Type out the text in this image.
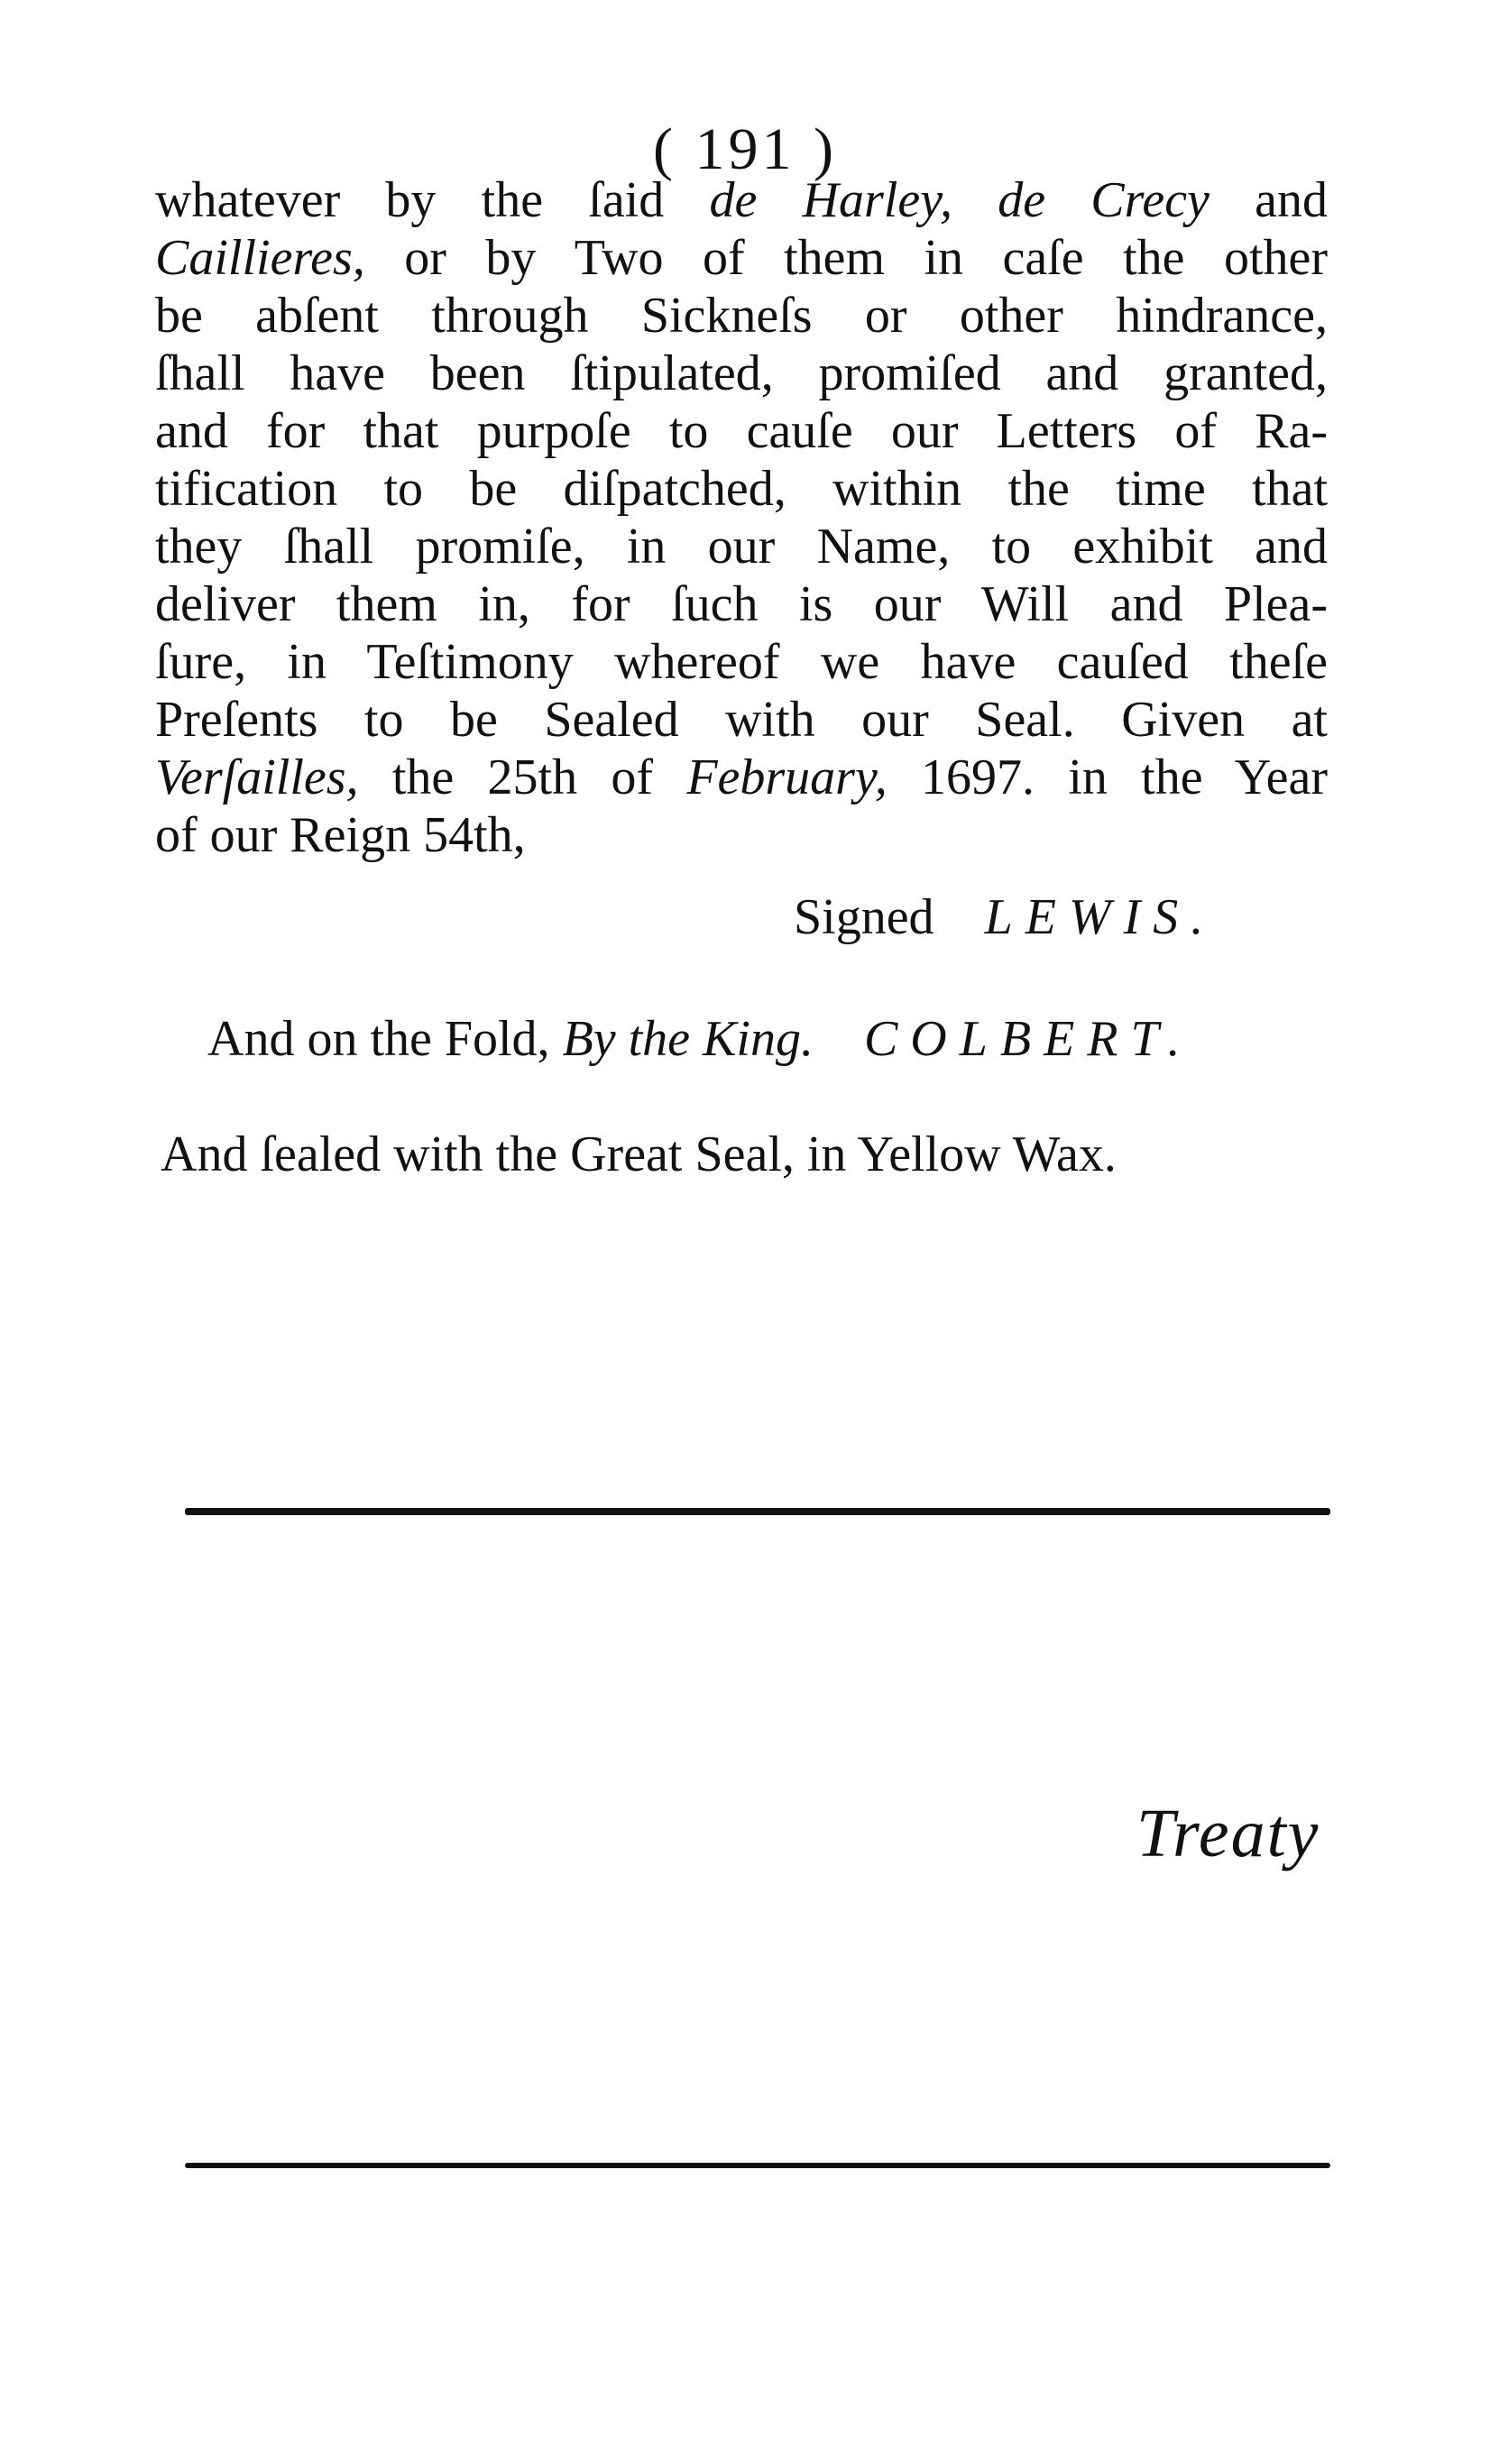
( 191 )
whatever by the ſaid de Harley, de Crecy and
Caillieres, or by Two of them in caſe the other
be abſent through Sickneſs or other hindrance,
ſhall have been ſtipulated, promiſed and granted,
and for that purpoſe to cauſe our Letters of Ra-
tification to be diſpatched, within the time that
they ſhall promiſe, in our Name, to exhibit and
deliver them in, for ſuch is our Will and Plea-
ſure, in Teſtimony whereof we have cauſed theſe
Preſents to be Sealed with our Seal. Given at
Verſailles, the 25th of February, 1697. in the Year
of our Reign 54th,
Signed LEWIS.
And on the Fold, By the King. COLBERT.
And ſealed with the Great Seal, in Yellow Wax.
Treaty
